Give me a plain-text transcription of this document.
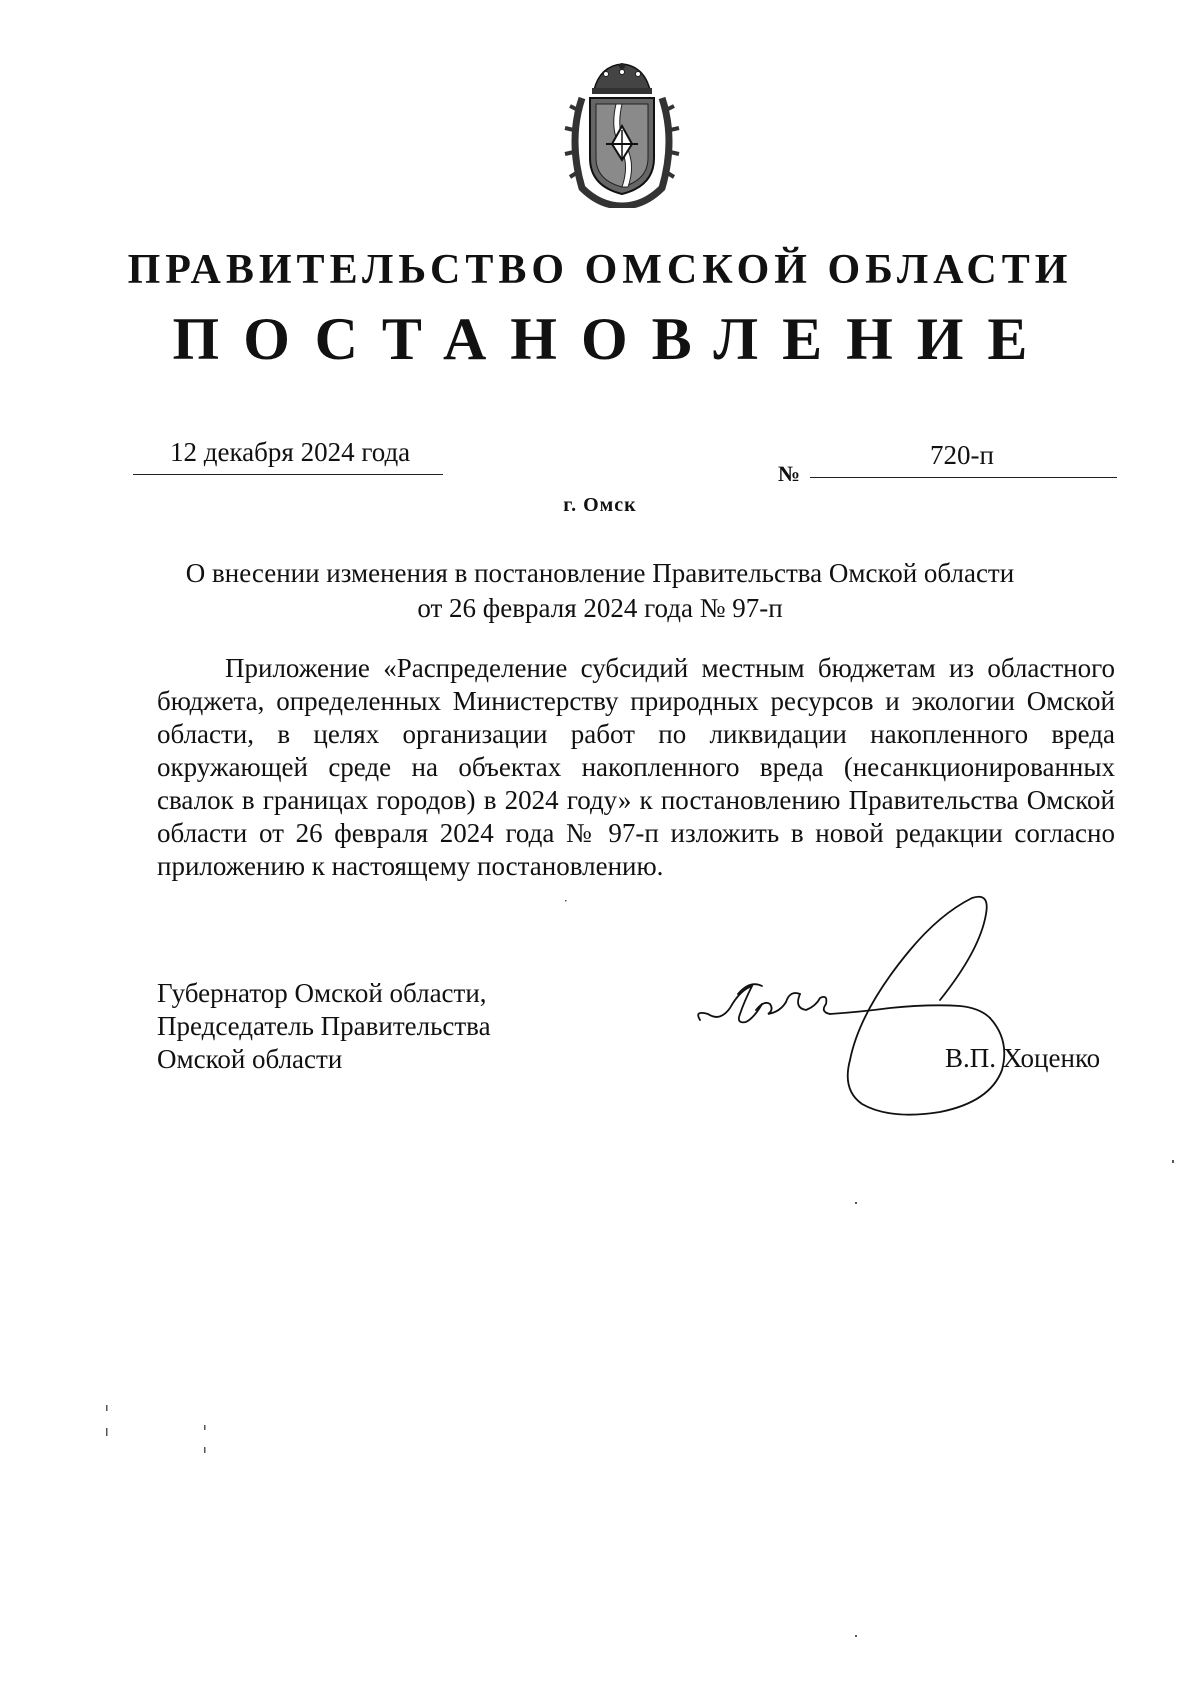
ПРАВИТЕЛЬСТВО ОМСКОЙ ОБЛАСТИ
ПОСТАНОВЛЕНИЕ
12 декабря 2024 года
№
720-п
г. Омск
О внесении изменения в постановление Правительства Омской области
от 26 февраля 2024 года № 97-п
Приложение «Распределение субсидий местным бюджетам из областного бюджета, определенных Министерству природных ресурсов и экологии Омской области, в целях организации работ по ликвидации накопленного вреда окружающей среде на объектах накопленного вреда (несанкционированных свалок в границах городов) в 2024 году» к постановлению Правительства Омской области от 26 февраля 2024 года № 97-п изложить в новой редакции согласно приложению к настоящему постановлению.
Губернатор Омской области,
Председатель Правительства
Омской области	В.П. Хоценко
